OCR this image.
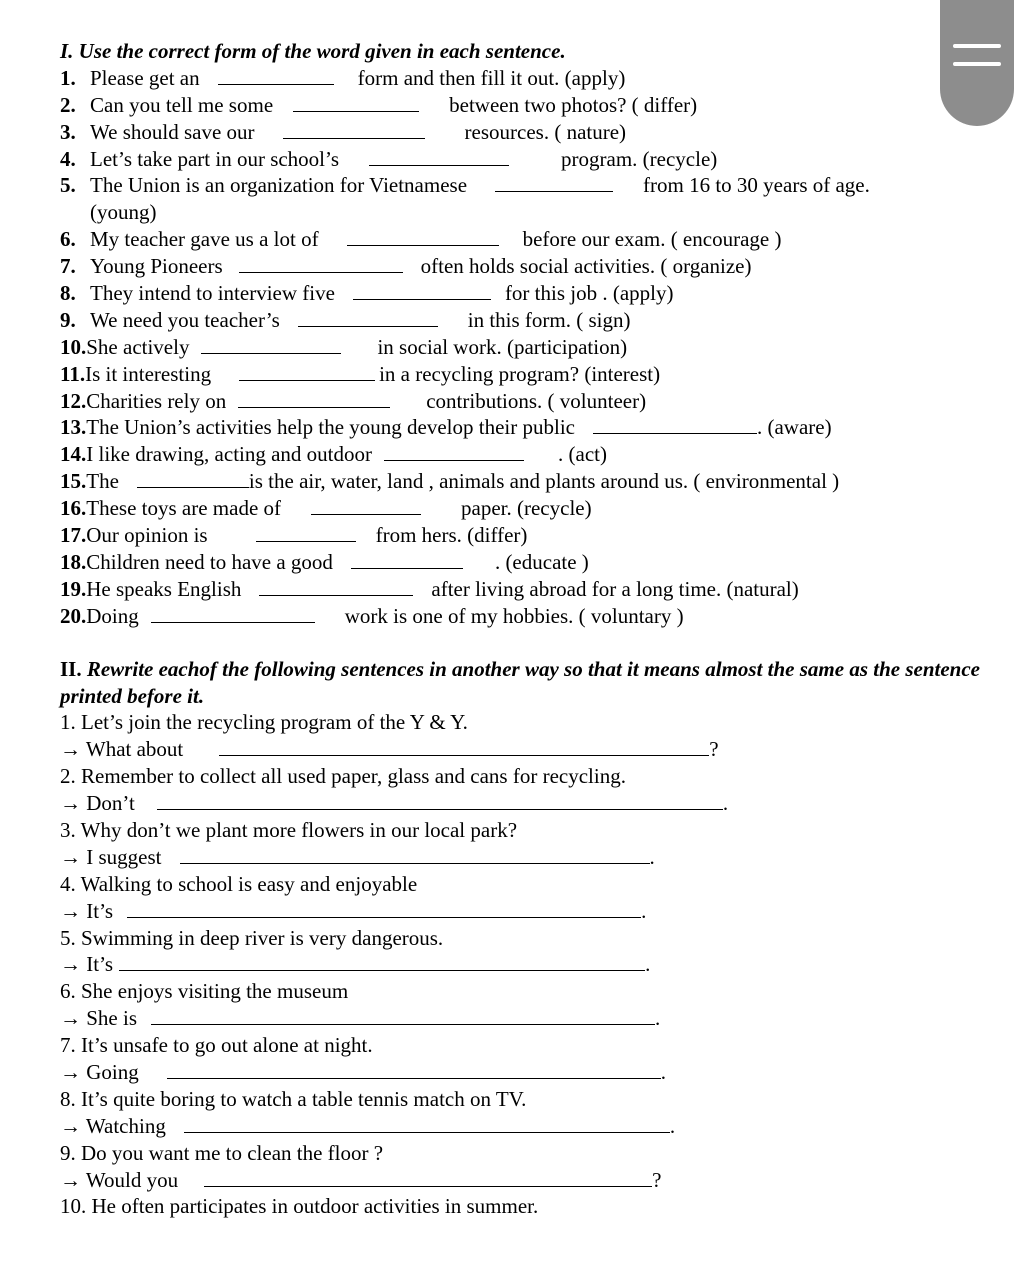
I. Use the correct form of the word given in each sentence.
1. Please get an	form and then fill it out. (apply)
2. Can you tell me some	between two photos? ( differ)
3. We should save our	resources. ( nature)
4. Let’s take part in our school’s	program. (recycle)
5. The Union is an organization for Vietnamese	from 16 to 30 years of age.
(young)
6. My teacher gave us a lot of	before our exam. ( encourage )
7. Young Pioneers	often holds social activities. ( organize)
8. They intend to interview five	for this job . (apply)
9. We need you teacher’s	in this form. ( sign)
10. She actively	in social work. (participation)
11. Is it interesting	in a recycling program? (interest)
12. Charities rely on	contributions. ( volunteer)
13. The Union’s activities help the young develop their public	. (aware)
14. I like drawing, acting and outdoor	. (act)
15. The	is the air, water, land , animals and plants around us. ( environmental )
16. These toys are made of	paper. (recycle)
17. Our opinion is	from hers. (differ)
18. Children need to have a good	. (educate )
19. He speaks English	after living abroad for a long time. (natural)
20. Doing	work is one of my hobbies. ( voluntary )
II. Rewrite eachof the following sentences in another way so that it means almost the same as the sentence printed before it.
1. Let’s join the recycling program of the Y & Y.
→ What about	?
2. Remember to collect all used paper, glass and cans for recycling.
→ Don’t	.
3. Why don’t we plant more flowers in our local park?
→ I suggest	.
4. Walking to school is easy and enjoyable
→ It’s	.
5. Swimming in deep river is very dangerous.
→ It’s	.
6. She enjoys visiting the museum
→ She is	.
7. It’s unsafe to go out alone at night.
→ Going	.
8. It’s quite boring to watch a table tennis match on TV.
→ Watching	.
9. Do you want me to clean the floor ?
→ Would you	?
10. He often participates in outdoor activities in summer.
